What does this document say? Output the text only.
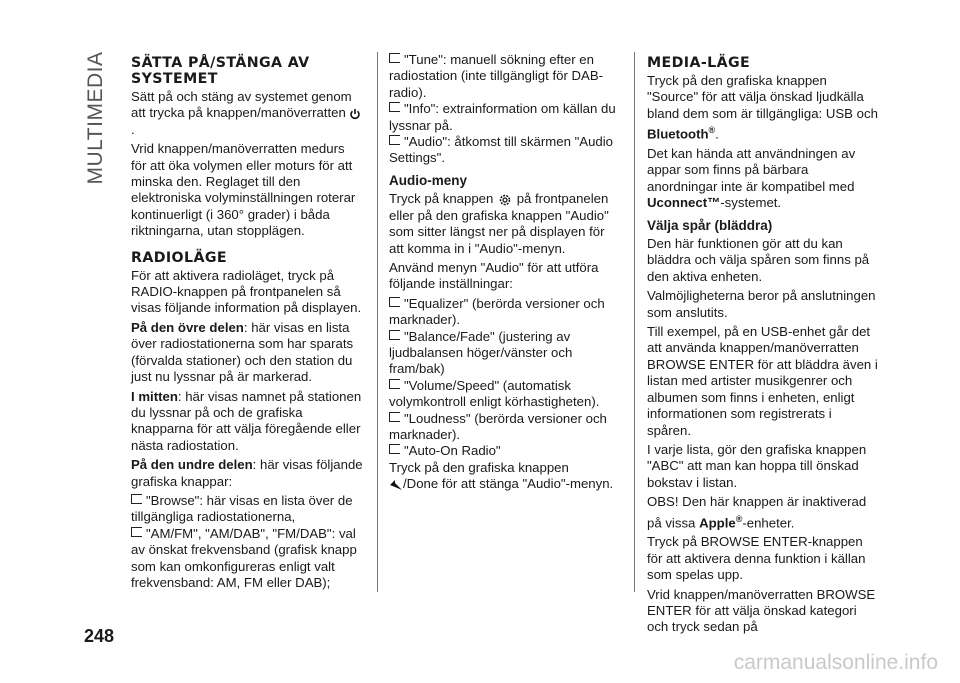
MULTIMEDIA
248
SÄTTA PÅ/STÄNGA AV SYSTEMET

Sätt på och stäng av systemet genom att trycka på knappen/manöverratten .

Vrid knappen/manöverratten medurs för att öka volymen eller moturs för att minska den. Reglaget till den elektroniska volyminställningen roterar kontinuerligt (i 360° grader) i båda riktningarna, utan stopplägen.

RADIOLÄGE

För att aktivera radioläget, tryck på RADIO-knappen på frontpanelen så visas följande information på displayen.

På den övre delen: här visas en lista över radiostationerna som har sparats (förvalda stationer) och den station du just nu lyssnar på är markerad.

I mitten: här visas namnet på stationen du lyssnar på och de grafiska knapparna för att välja föregående eller nästa radiostation.

På den undre delen: här visas följande grafiska knappar:

"Browse": här visas en lista över de tillgängliga radiostationerna,
"AM/FM", "AM/DAB", "FM/DAB": val av önskat frekvensband (grafisk knapp som kan omkonfigureras enligt valt frekvensband: AM, FM eller DAB);
"Tune": manuell sökning efter en radiostation (inte tillgängligt för DAB-radio).
"Info": extrainformation om källan du lyssnar på.
"Audio": åtkomst till skärmen "Audio Settings".
Audio-meny

Tryck på knappen på frontpanelen eller på den grafiska knappen "Audio" som sitter längst ner på displayen för att komma in i "Audio"-menyn.

Använd menyn "Audio" för att utföra följande inställningar:

"Equalizer" (berörda versioner och marknader).
"Balance/Fade" (justering av ljudbalansen höger/vänster och fram/bak)
"Volume/Speed" (automatisk volymkontroll enligt körhastigheten).
"Loudness" (berörda versioner och marknader).
"Auto-On Radio"

Tryck på den grafiska knappen
/Done för att stänga "Audio"-menyn.

MEDIA-LÄGE

Tryck på den grafiska knappen "Source" för att välja önskad ljudkälla bland dem som är tillgängliga: USB och Bluetooth®.

Det kan hända att användningen av appar som finns på bärbara anordningar inte är kompatibel med Uconnect™-systemet.

Välja spår (bläddra)

Den här funktionen gör att du kan bläddra och välja spåren som finns på den aktiva enheten.

Valmöjligheterna beror på anslutningen som anslutits.

Till exempel, på en USB-enhet går det att använda knappen/manöverratten BROWSE ENTER för att bläddra även i listan med artister musikgenrer och albumen som finns i enheten, enligt informationen som registrerats i spåren.

I varje lista, gör den grafiska knappen "ABC" att man kan hoppa till önskad bokstav i listan.

OBS! Den här knappen är inaktiverad på vissa Apple®-enheter.

Tryck på BROWSE ENTER-knappen för att aktivera denna funktion i källan som spelas upp.

Vrid knappen/manöverratten BROWSE ENTER för att välja önskad kategori och tryck sedan på

carmanualsonline.info
